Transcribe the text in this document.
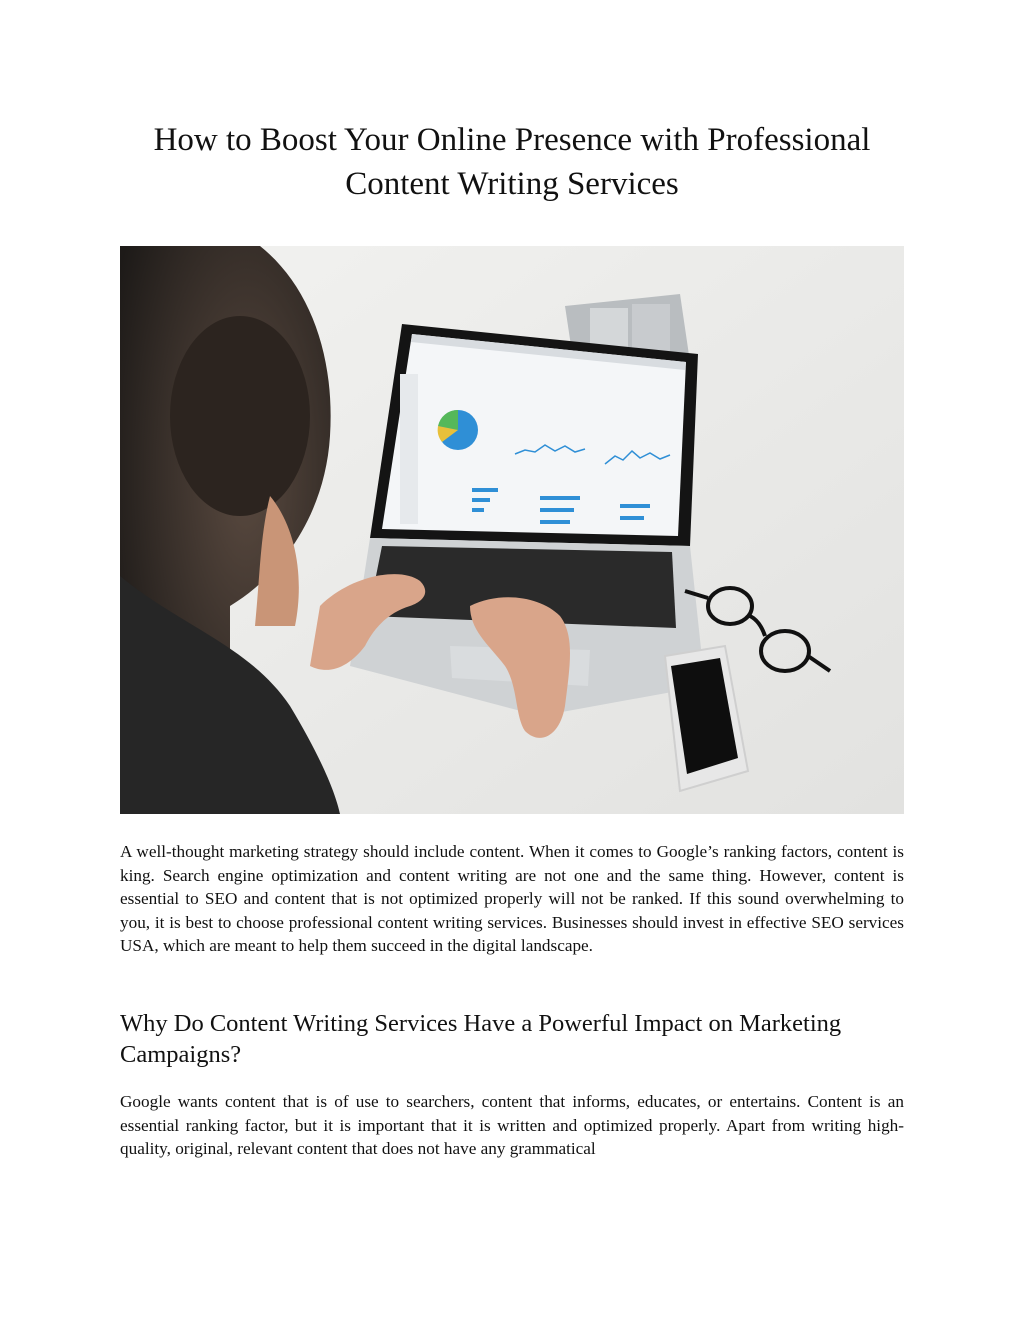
How to Boost Your Online Presence with Professional
Content Writing Services

A well-thought marketing strategy should include content. When it comes to Google’s ranking factors, content is king. Search engine optimization and content writing are not one and the same thing. However, content is essential to SEO and content that is not optimized properly will not be ranked. If this sound overwhelming to you, it is best to choose professional content writing services. Businesses should invest in effective SEO services USA, which are meant to help them succeed in the digital landscape.

Why Do Content Writing Services Have a Powerful Impact on Marketing Campaigns?

Google wants content that is of use to searchers, content that informs, educates, or entertains. Content is an essential ranking factor, but it is important that it is written and optimized properly. Apart from writing high-quality, original, relevant content that does not have any grammatical
